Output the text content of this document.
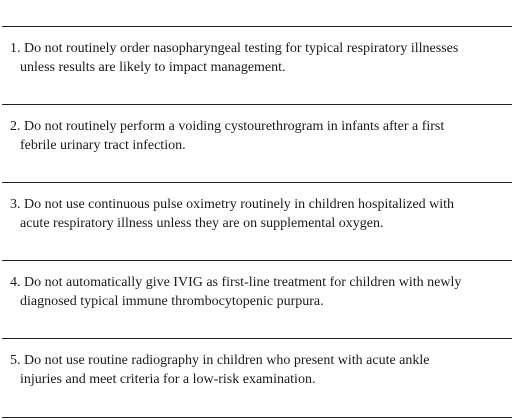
1. Do not routinely order nasopharyngeal testing for typical respiratory illnesses
unless results are likely to impact management.
2. Do not routinely perform a voiding cystourethrogram in infants after a first
febrile urinary tract infection.
3. Do not use continuous pulse oximetry routinely in children hospitalized with
acute respiratory illness unless they are on supplemental oxygen.
4. Do not automatically give IVIG as first-line treatment for children with newly
diagnosed typical immune thrombocytopenic purpura.
5. Do not use routine radiography in children who present with acute ankle
injuries and meet criteria for a low-risk examination.
